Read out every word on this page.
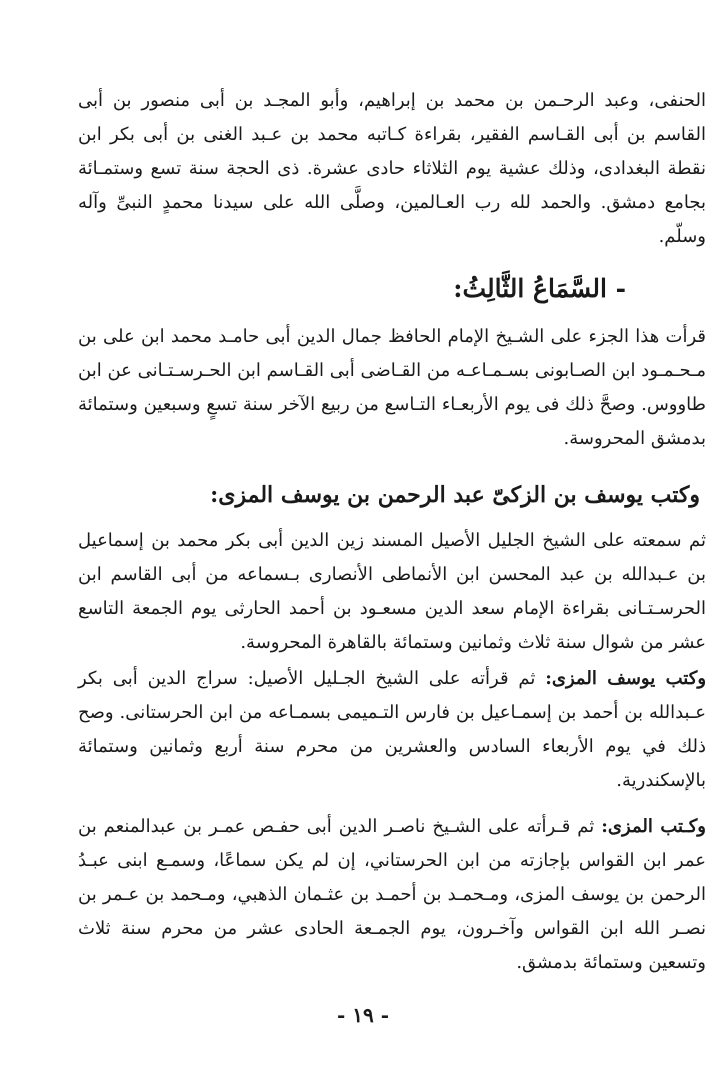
الحنفى، وعبد الرحـمن بن محمد بن إبراهيم، وأبو المجـد بن أبى منصور بن أبى القاسم بن أبى القـاسم الفقير، بقراءة كـاتبه محمد بن عـبد الغنى بن أبى بكر ابن نقطة البغدادى، وذلك عشية يوم الثلاثاء حادى عشرة. ذى الحجة سنة تسع وستمـائة بجامع دمشق. والحمد لله رب العـالمين، وصلَّى الله على سيدنا محمدٍ النبىِّ وآله وسلّم.

- السَّمَاعُ الثَّالِثُ:

قرأت هذا الجزء على الشـيخ الإمام الحافظ جمال الدين أبى حامـد محمد ابن على بن مـحـمـود ابن الصـابونى بسـمـاعـه من القـاضى أبى القـاسم ابن الحـرسـتـانى عن ابن طاووس. وصحَّ ذلك فى يوم الأربعـاء التـاسع من ربيع الآخر سنة تسعٍ وسبعين وستمائة بدمشق المحروسة.

وكتب يوسف بن الزكىّ عبد الرحمن بن يوسف المزى:

ثم سمعته على الشيخ الجليل الأصيل المسند زين الدين أبى بكر محمد بن إسماعيل بن عـبدالله بن عبد المحسن ابن الأنماطى الأنصارى بـسماعه من أبى القاسم ابن الحرسـتـانى بقراءة الإمام سعد الدين مسعـود بن أحمد الحارثى يوم الجمعة التاسع عشر من شوال سنة ثلاث وثمانين وستمائة بالقاهرة المحروسة.

وكتب يوسف المزى: ثم قرأته على الشيخ الجـليل الأصيل: سراج الدين أبى بكر عـبدالله بن أحمد بن إسمـاعيل بن فارس التـميمى بسمـاعه من ابن الحرستانى. وصح ذلك في يوم الأربعاء السادس والعشرين من محرم سنة أربع وثمانين وستمائة بالإسكندرية.

وكـتب المزى: ثم قـرأته على الشـيخ ناصـر الدين أبى حفـص عمـر بن عبدالمنعم بن عمر ابن القواس بإجازته من ابن الحرستاني، إن لم يكن سماعًا، وسمـع ابنى عبـدُ الرحمن بن يوسف المزى، ومـحمـد بن أحمـد بن عثـمان الذهبي، ومـحمد بن عـمر بن نصـر الله ابن القواس وآخـرون، يوم الجمـعة الحادى عشر من محرم سنة ثلاث وتسعين وستمائة بدمشق.

- ١٩ -
